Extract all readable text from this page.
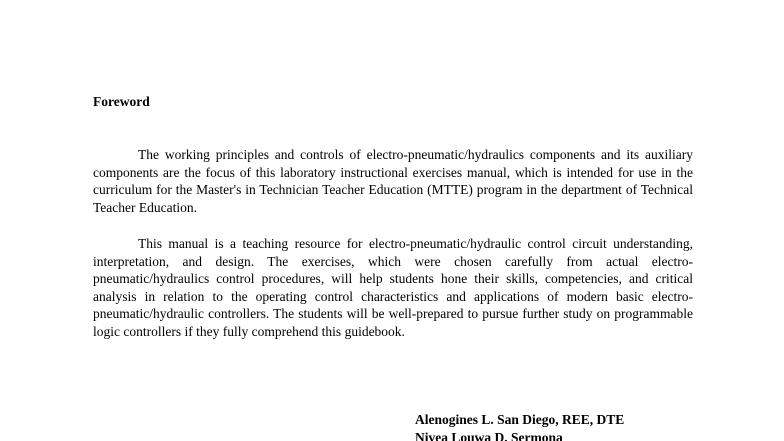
Foreword

The working principles and controls of electro-pneumatic/hydraulics components and its auxiliary components are the focus of this laboratory instructional exercises manual, which is intended for use in the curriculum for the Master's in Technician Teacher Education (MTTE) program in the department of Technical Teacher Education.

This manual is a teaching resource for electro-pneumatic/hydraulic control circuit understanding, interpretation, and design. The exercises, which were chosen carefully from actual electro-pneumatic/hydraulics control procedures, will help students hone their skills, competencies, and critical analysis in relation to the operating control characteristics and applications of modern basic electro-pneumatic/hydraulic controllers. The students will be well-prepared to pursue further study on programmable logic controllers if they fully comprehend this guidebook.

Alenogines L. San Diego, REE, DTE
Nivea Louwa D. Sermona
